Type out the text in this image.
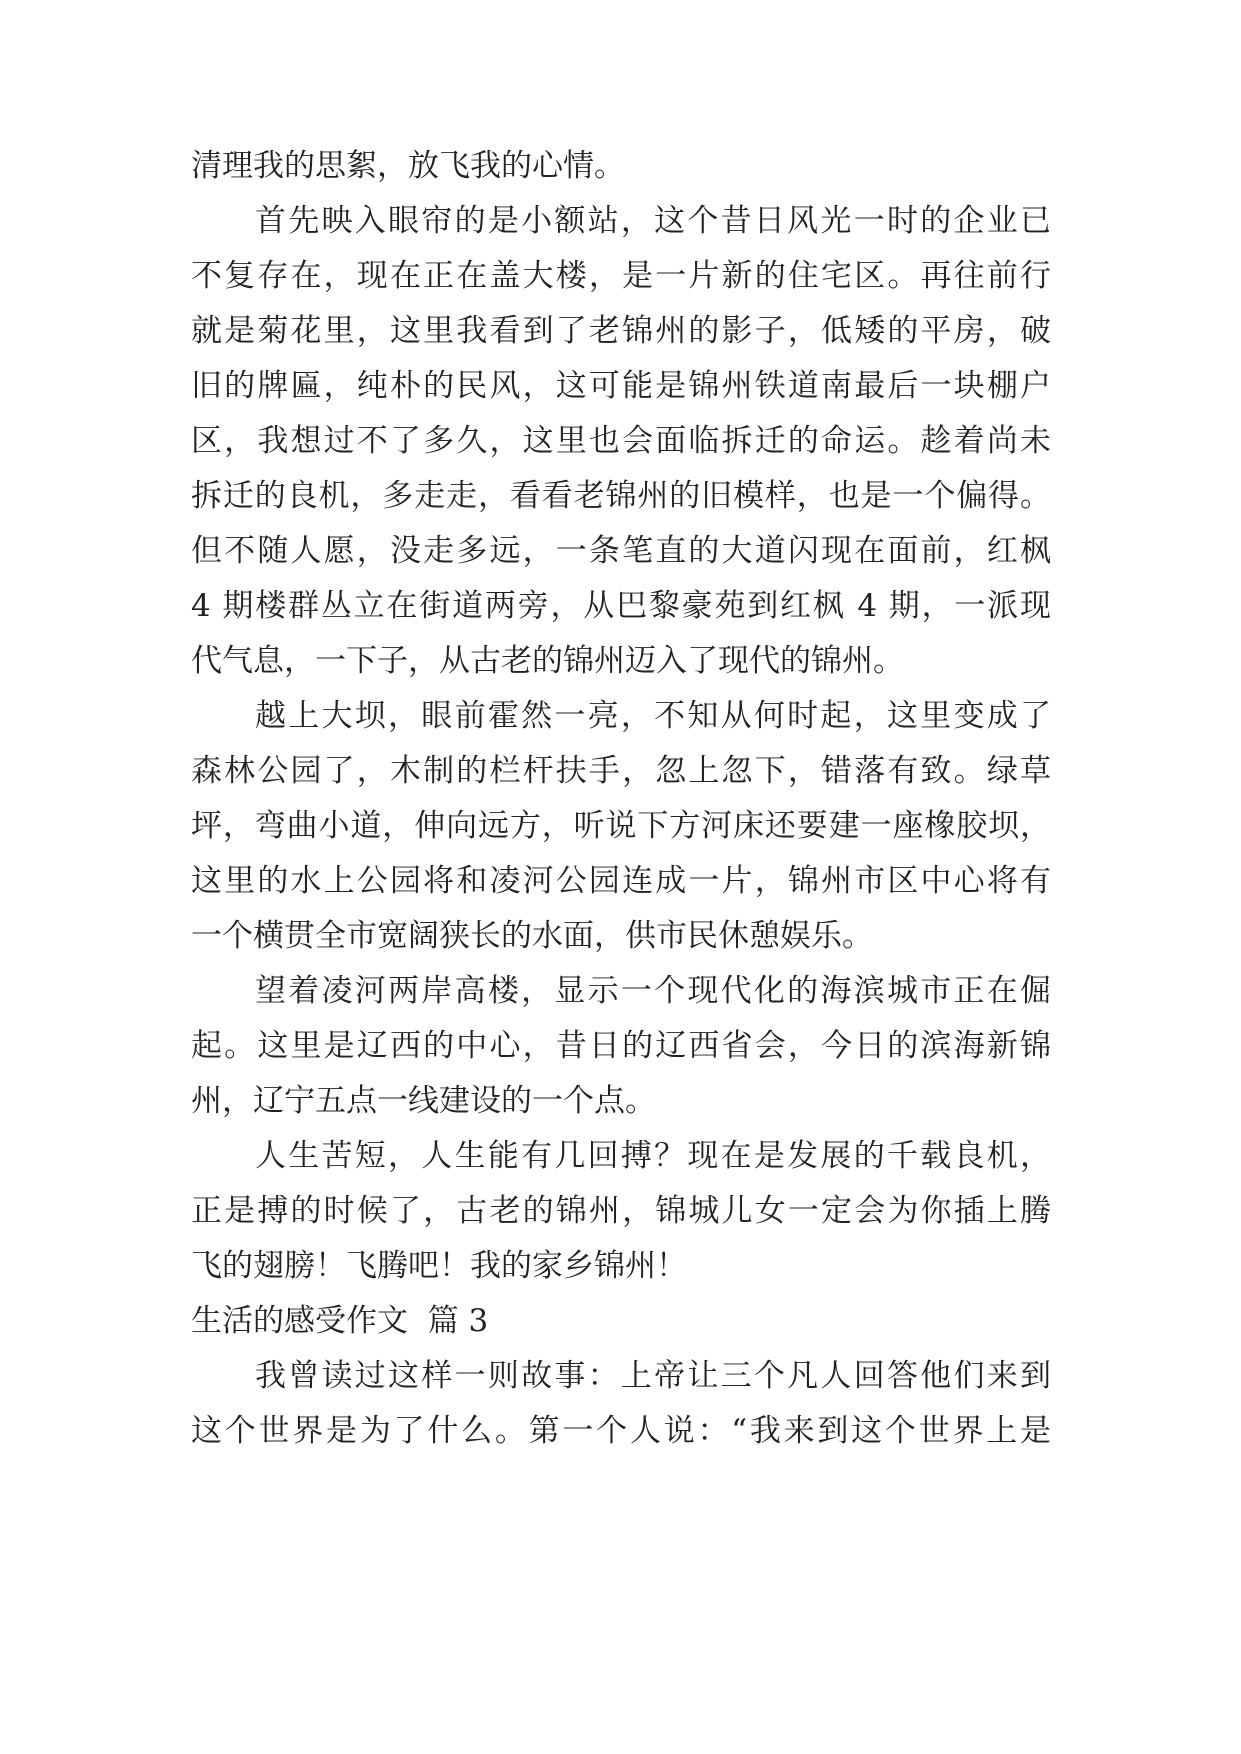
清理我的思絮，放飞我的心情。
首先映入眼帘的是小额站，这个昔日风光一时的企业已
不复存在，现在正在盖大楼，是一片新的住宅区。再往前行
就是菊花里，这里我看到了老锦州的影子，低矮的平房，破
旧的牌匾，纯朴的民风，这可能是锦州铁道南最后一块棚户
区，我想过不了多久，这里也会面临拆迁的命运。趁着尚未
拆迁的良机，多走走，看看老锦州的旧模样，也是一个偏得。
但不随人愿，没走多远，一条笔直的大道闪现在面前，红枫
4 期楼群丛立在街道两旁，从巴黎豪苑到红枫 4 期，一派现
代气息，一下子，从古老的锦州迈入了现代的锦州。
越上大坝，眼前霍然一亮，不知从何时起，这里变成了
森林公园了，木制的栏杆扶手，忽上忽下，错落有致。绿草
坪，弯曲小道，伸向远方，听说下方河床还要建一座橡胶坝，
这里的水上公园将和凌河公园连成一片，锦州市区中心将有
一个横贯全市宽阔狭长的水面，供市民休憩娱乐。
望着凌河两岸高楼，显示一个现代化的海滨城市正在倔
起。这里是辽西的中心，昔日的辽西省会，今日的滨海新锦
州，辽宁五点一线建设的一个点。
人生苦短，人生能有几回搏？现在是发展的千载良机，
正是搏的时候了，古老的锦州，锦城儿女一定会为你插上腾
飞的翅膀！飞腾吧！我的家乡锦州！
生活的感受作文  篇 3
我曾读过这样一则故事：上帝让三个凡人回答他们来到
这个世界是为了什么。第一个人说：“我来到这个世界上是
